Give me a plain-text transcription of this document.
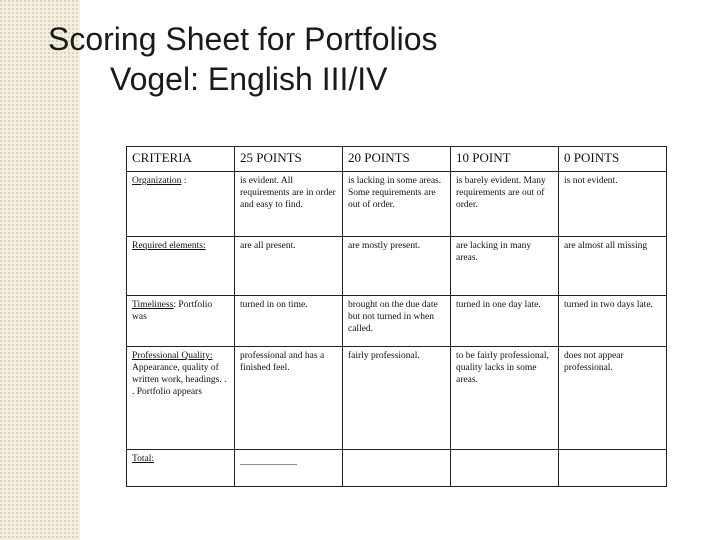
Scoring Sheet for Portfolios
Vogel: English III/IV
CRITERIA	25 POINTS	20 POINTS	10 POINT	0 POINTS
Organization :	is evident. All requirements are in order and easy to find.	is lacking in some areas. Some requirements are out of order.	is barely evident. Many requirements are out of order.	is not evident.
Required elements:	are all present.	are mostly present.	are lacking in many areas.	are almost all missing
Timeliness: Portfolio was	turned in on time.	brought on the due date but not turned in when called.	turned in one day late.	turned in two days late.
Professional Quality: Appearance, quality of written work, headings. . . Portfolio appears	professional and has a finished feel.	fairly professional.	to be fairly professional, quality lacks in some areas.	does not appear professional.
Total:	____________			
